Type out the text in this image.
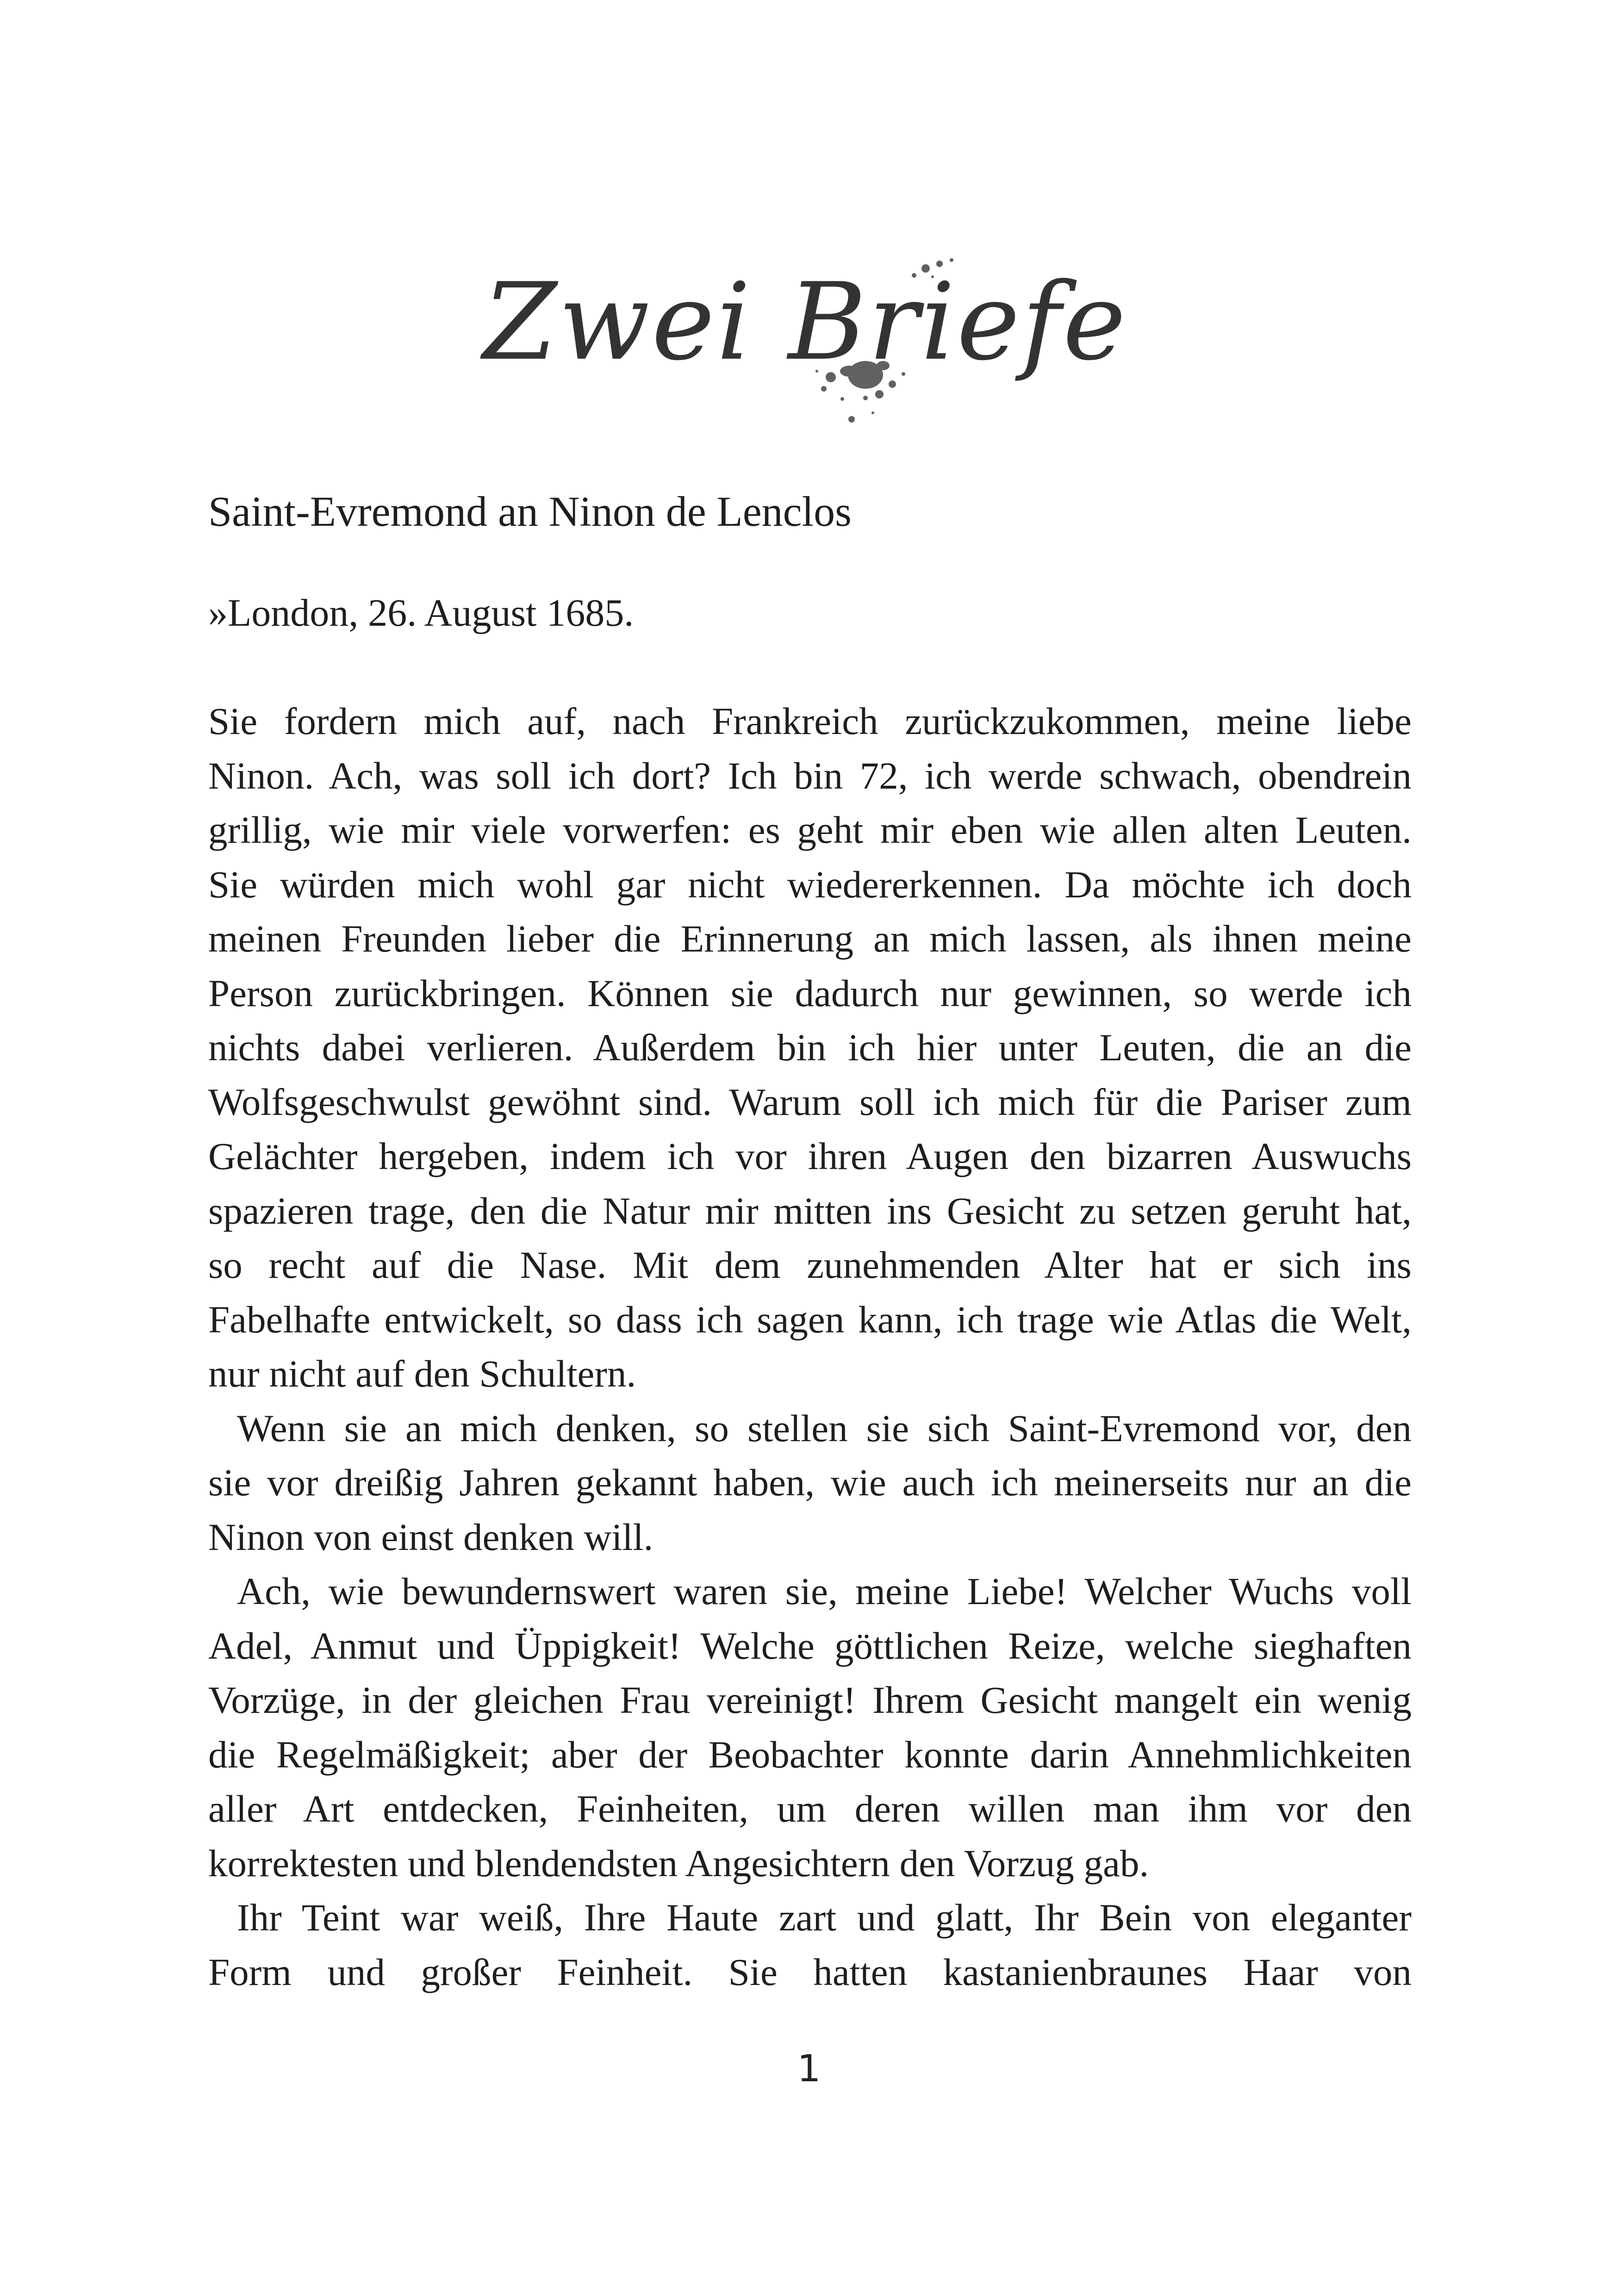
Zwei Briefe
Saint-Evremond an Ninon de Lenclos
»London, 26. August 1685.
Sie fordern mich auf, nach Frankreich zurückzukommen, meine liebe
Ninon. Ach, was soll ich dort? Ich bin 72, ich werde schwach, obendrein
grillig, wie mir viele vorwerfen: es geht mir eben wie allen alten Leuten.
Sie würden mich wohl gar nicht wiedererkennen. Da möchte ich doch
meinen Freunden lieber die Erinnerung an mich lassen, als ihnen meine
Person zurückbringen. Können sie dadurch nur gewinnen, so werde ich
nichts dabei verlieren. Außerdem bin ich hier unter Leuten, die an die
Wolfsgeschwulst gewöhnt sind. Warum soll ich mich für die Pariser zum
Gelächter hergeben, indem ich vor ihren Augen den bizarren Auswuchs
spazieren trage, den die Natur mir mitten ins Gesicht zu setzen geruht hat,
so recht auf die Nase. Mit dem zunehmenden Alter hat er sich ins
Fabelhafte entwickelt, so dass ich sagen kann, ich trage wie Atlas die Welt,
nur nicht auf den Schultern.
Wenn sie an mich denken, so stellen sie sich Saint-Evremond vor, den
sie vor dreißig Jahren gekannt haben, wie auch ich meinerseits nur an die
Ninon von einst denken will.
Ach, wie bewundernswert waren sie, meine Liebe! Welcher Wuchs voll
Adel, Anmut und Üppigkeit! Welche göttlichen Reize, welche sieghaften
Vorzüge, in der gleichen Frau vereinigt! Ihrem Gesicht mangelt ein wenig
die Regelmäßigkeit; aber der Beobachter konnte darin Annehmlichkeiten
aller Art entdecken, Feinheiten, um deren willen man ihm vor den
korrektesten und blendendsten Angesichtern den Vorzug gab.
Ihr Teint war weiß, Ihre Haute zart und glatt, Ihr Bein von eleganter
Form und großer Feinheit. Sie hatten kastanienbraunes Haar von
1
